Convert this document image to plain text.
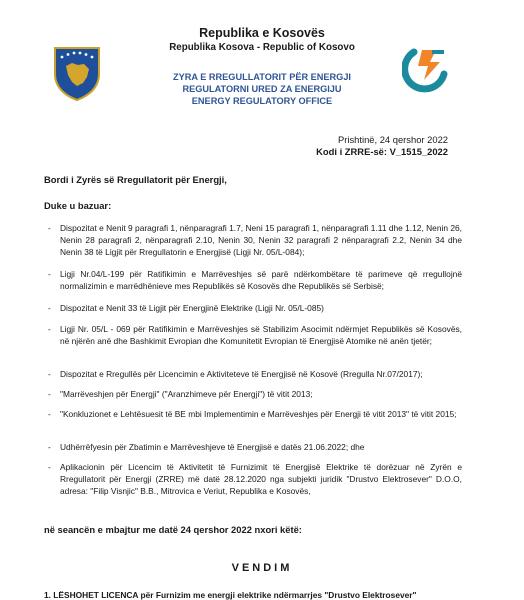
Republika e Kosovës
Republika Kosova - Republic of Kosovo
ZYRA E RREGULLATORIT PËR ENERGJI
REGULATORNI URED ZA ENERGIJU
ENERGY REGULATORY OFFICE
Prishtinë, 24 qershor 2022
Kodi i ZRRE-së: V_1515_2022
Bordi i Zyrës së Rregullatorit për Energji,
Duke u bazuar:
- Dispozitat e Nenit 9 paragrafi 1, nënparagrafi 1.7, Neni 15 paragrafi 1, nënparagrafi 1.11 dhe 1.12, Nenin 26, Nenin 28 paragrafi 2, nënparagrafi 2.10, Nenin 30, Nenin 32 paragrafi 2 nënparagrafi 2.2, Nenin 34 dhe Nenin 38 të Ligjit për Rregullatorin e Energjisë (Ligji Nr. 05/L-084);
- Ligji Nr.04/L-199 për Ratifikimin e Marrëveshjes së parë ndërkombëtare të parimeve që rregullojnë normalizimin e marrëdhënieve mes Republikës së Kosovës dhe Republikës së Serbisë;
- Dispozitat e Nenit 33 të Ligjit për Energjinë Elektrike (Ligji Nr. 05/L-085)
- Ligji Nr. 05/L - 069 për Ratifikimin e Marrëveshjes së Stabilizim Asocimit ndërmjet Republikës së Kosovës, në njërën anë dhe Bashkimit Evropian dhe Komunitetit Evropian të Energjisë Atomike në anën tjetër;
- Dispozitat e Rregullës për Licencimin e Aktiviteteve të Energjisë në Kosovë (Rregulla Nr.07/2017);
- "Marrëveshjen për Energji" ("Aranzhimeve për Energji") të vitit 2013;
- "Konkluzionet e Lehtësuesit të BE mbi Implementimin e Marrëveshjes për Energji të vitit 2013" të vitit 2015;
- Udhërrëfyesin për Zbatimin e Marrëveshjeve të Energjisë e datës 21.06.2022; dhe
- Aplikacionin për Licencim të Aktivitetit të Furnizimit të Energjisë Elektrike të dorëzuar në Zyrën e Rregullatorit për Energji (ZRRE) më datë 28.12.2020 nga subjekti juridik "Drustvo Elektrosever" D.O.O, adresa: "Filip Visnjic" B.B., Mitrovica e Veriut, Republika e Kosovës,
në seancën e mbajtur me datë 24 qershor 2022 nxori këtë:
VENDIM
1. LËSHOHET LICENCA për Furnizim me energji elektrike ndërmarrjes "Drustvo Elektrosever"
